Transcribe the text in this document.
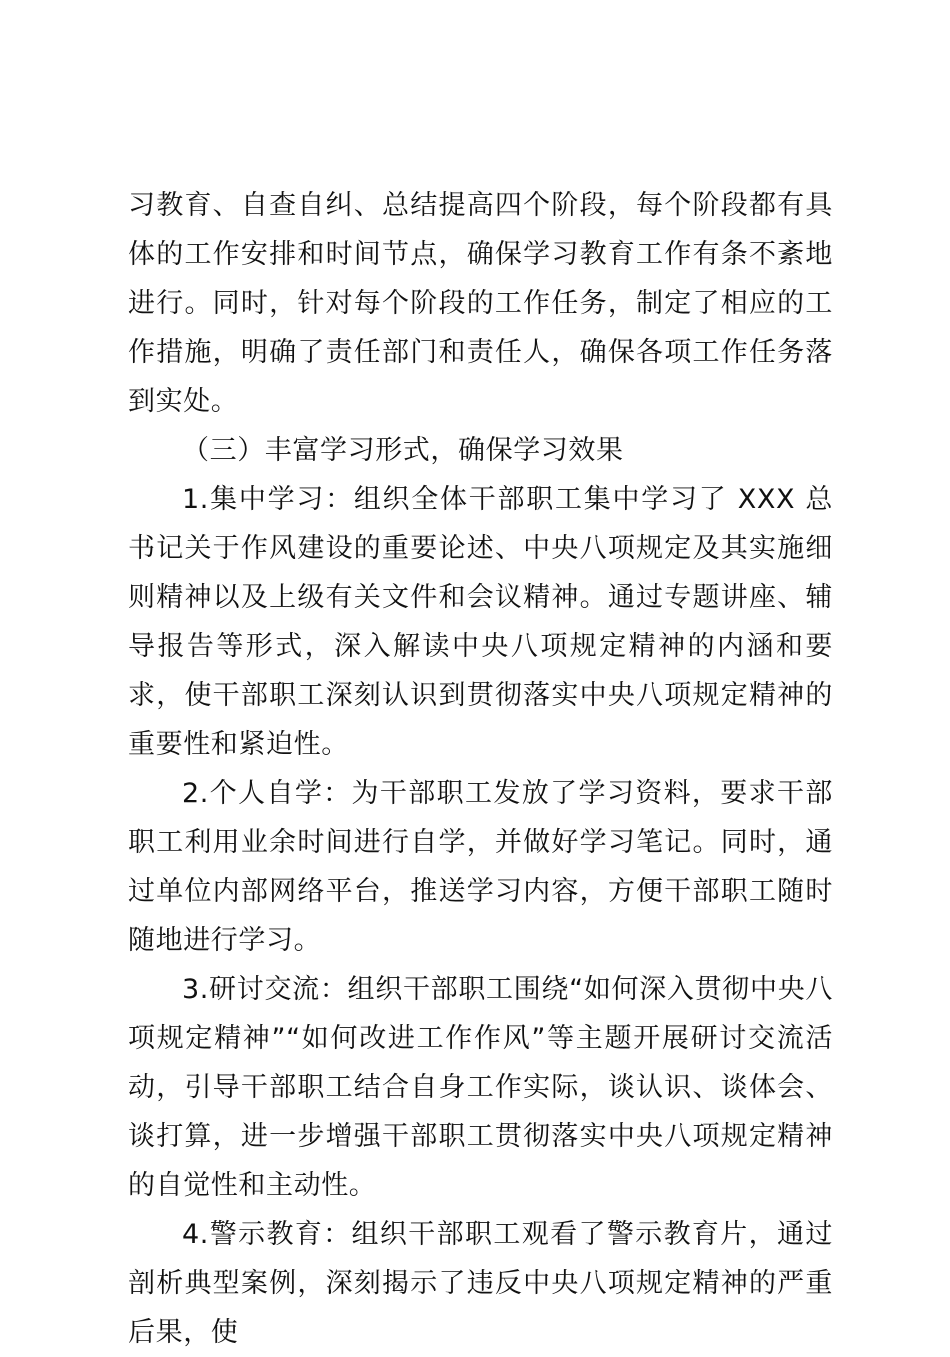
习教育、自查自纠、总结提高四个阶段，每个阶段都有具体的工作安排和时间节点，确保学习教育工作有条不紊地进行。同时，针对每个阶段的工作任务，制定了相应的工作措施，明确了责任部门和责任人，确保各项工作任务落到实处。

（三）丰富学习形式，确保学习效果

1.集中学习：组织全体干部职工集中学习了 XXX 总书记关于作风建设的重要论述、中央八项规定及其实施细则精神以及上级有关文件和会议精神。通过专题讲座、辅导报告等形式，深入解读中央八项规定精神的内涵和要求，使干部职工深刻认识到贯彻落实中央八项规定精神的重要性和紧迫性。

2.个人自学：为干部职工发放了学习资料，要求干部职工利用业余时间进行自学，并做好学习笔记。同时，通过单位内部网络平台，推送学习内容，方便干部职工随时随地进行学习。

3.研讨交流：组织干部职工围绕“如何深入贯彻中央八项规定精神”“如何改进工作作风”等主题开展研讨交流活动，引导干部职工结合自身工作实际，谈认识、谈体会、谈打算，进一步增强干部职工贯彻落实中央八项规定精神的自觉性和主动性。

4.警示教育：组织干部职工观看了警示教育片，通过剖析典型案例，深刻揭示了违反中央八项规定精神的严重后果，使
